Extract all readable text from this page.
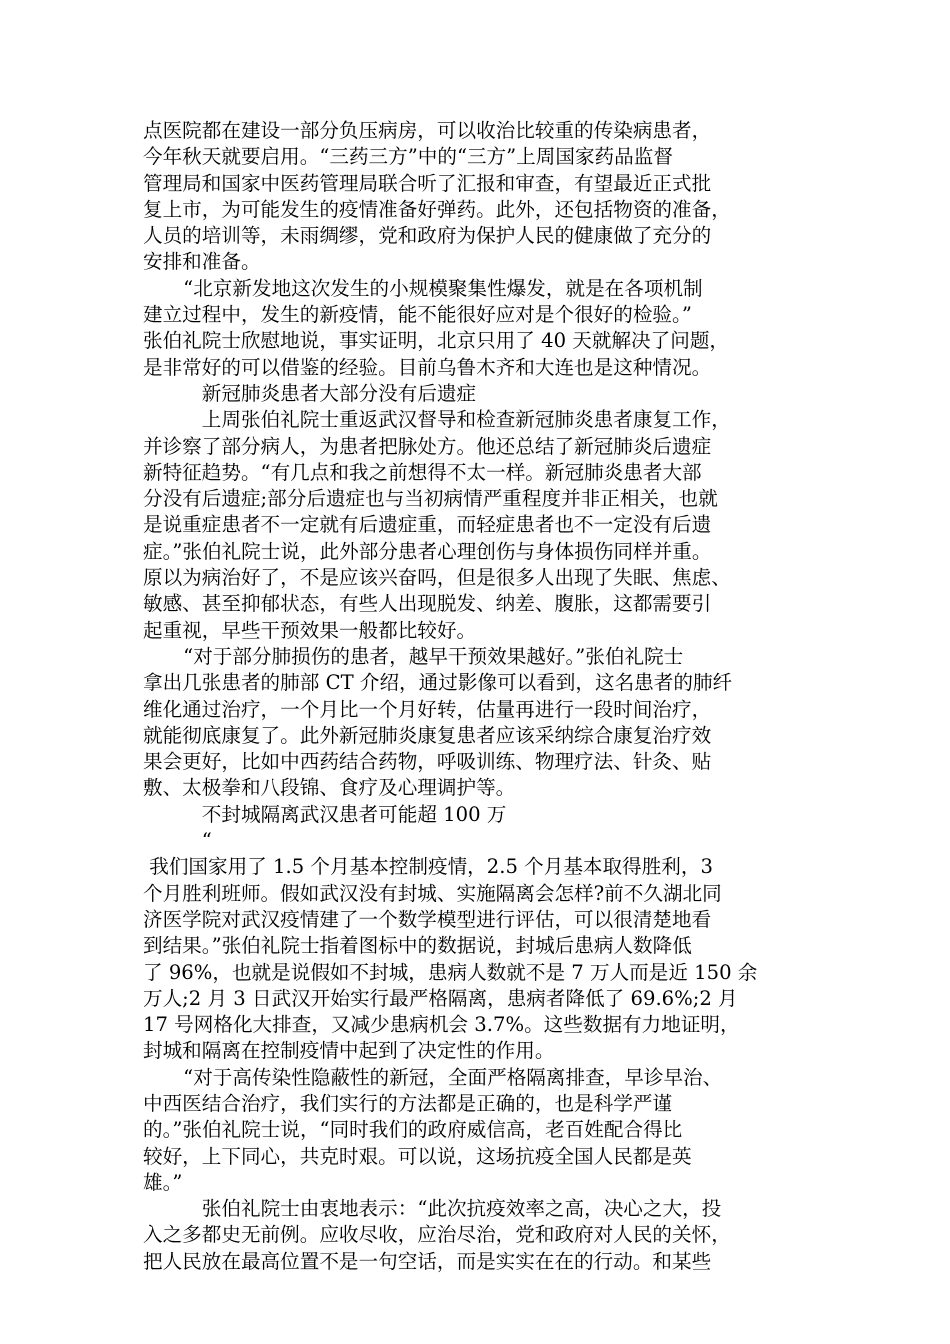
点医院都在建设一部分负压病房，可以收治比较重的传染病患者，
今年秋天就要启用。“三药三方”中的“三方”上周国家药品监督
管理局和国家中医药管理局联合听了汇报和审查，有望最近正式批
复上市，为可能发生的疫情准备好弹药。此外，还包括物资的准备，
人员的培训等，未雨绸缪，党和政府为保护人民的健康做了充分的
安排和准备。
“北京新发地这次发生的小规模聚集性爆发，就是在各项机制
建立过程中，发生的新疫情，能不能很好应对是个很好的检验。”
张伯礼院士欣慰地说，事实证明，北京只用了 40 天就解决了问题，
是非常好的可以借鉴的经验。目前乌鲁木齐和大连也是这种情况。
新冠肺炎患者大部分没有后遗症
上周张伯礼院士重返武汉督导和检查新冠肺炎患者康复工作，
并诊察了部分病人，为患者把脉处方。他还总结了新冠肺炎后遗症
新特征趋势。“有几点和我之前想得不太一样。新冠肺炎患者大部
分没有后遗症;部分后遗症也与当初病情严重程度并非正相关，也就
是说重症患者不一定就有后遗症重，而轻症患者也不一定没有后遗
症。”张伯礼院士说，此外部分患者心理创伤与身体损伤同样并重。
原以为病治好了，不是应该兴奋吗，但是很多人出现了失眠、焦虑、
敏感、甚至抑郁状态，有些人出现脱发、纳差、腹胀，这都需要引
起重视，早些干预效果一般都比较好。
“对于部分肺损伤的患者，越早干预效果越好。”张伯礼院士
拿出几张患者的肺部 CT 介绍，通过影像可以看到，这名患者的肺纤
维化通过治疗，一个月比一个月好转，估量再进行一段时间治疗，
就能彻底康复了。此外新冠肺炎康复患者应该采纳综合康复治疗效
果会更好，比如中西药结合药物，呼吸训练、物理疗法、针灸、贴
敷、太极拳和八段锦、食疗及心理调护等。
不封城隔离武汉患者可能超 100 万
“
我们国家用了 1.5 个月基本控制疫情，2.5 个月基本取得胜利，3
个月胜利班师。假如武汉没有封城、实施隔离会怎样?前不久湖北同
济医学院对武汉疫情建了一个数学模型进行评估，可以很清楚地看
到结果。”张伯礼院士指着图标中的数据说，封城后患病人数降低
了 96%，也就是说假如不封城，患病人数就不是 7 万人而是近 150 余
万人;2 月 3 日武汉开始实行最严格隔离，患病者降低了 69.6%;2 月
17 号网格化大排查，又减少患病机会 3.7%。这些数据有力地证明，
封城和隔离在控制疫情中起到了决定性的作用。
“对于高传染性隐蔽性的新冠，全面严格隔离排查，早诊早治、
中西医结合治疗，我们实行的方法都是正确的，也是科学严谨
的。”张伯礼院士说，“同时我们的政府威信高，老百姓配合得比
较好，上下同心，共克时艰。可以说，这场抗疫全国人民都是英
雄。”
张伯礼院士由衷地表示：“此次抗疫效率之高，决心之大，投
入之多都史无前例。应收尽收，应治尽治，党和政府对人民的关怀，
把人民放在最高位置不是一句空话，而是实实在在的行动。和某些
